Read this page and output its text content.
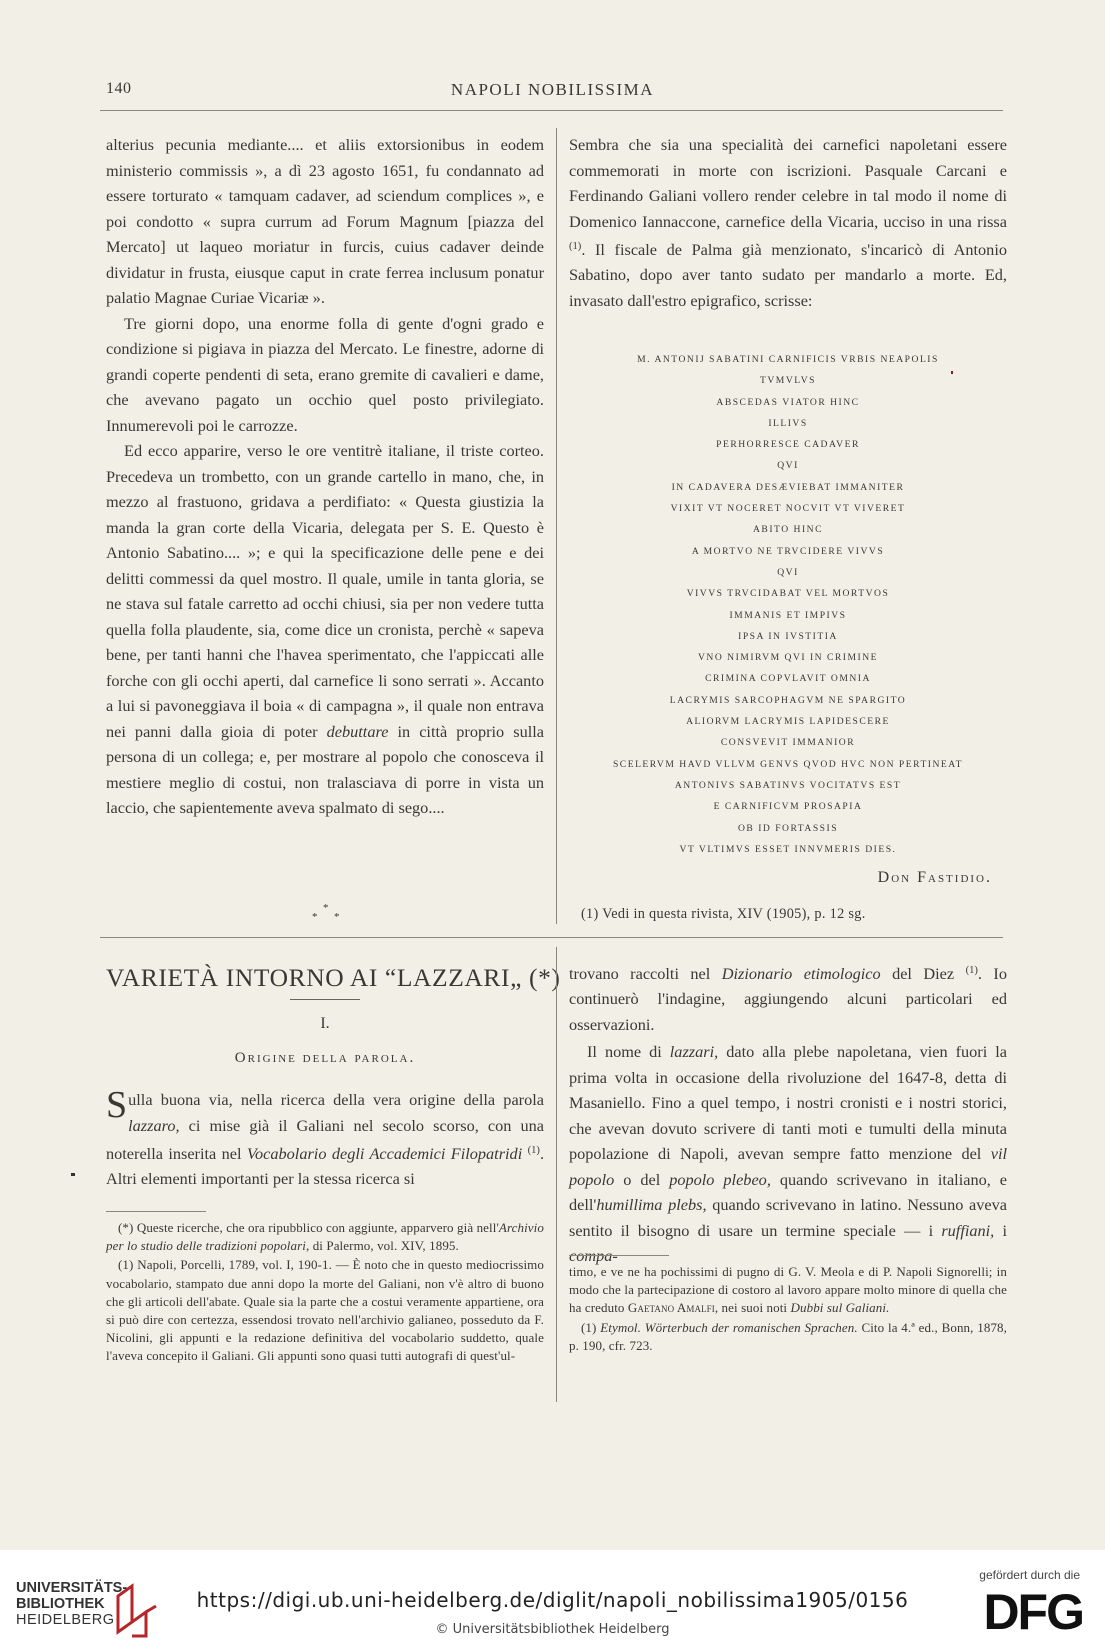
140	NAPOLI NOBILISSIMA

alterius pecunia mediante.... et aliis extorsionibus in eodem ministerio commissis », a dì 23 agosto 1651, fu condannato ad essere torturato « tamquam cadaver, ad sciendum complices », e poi condotto « supra currum ad Forum Magnum [piazza del Mercato] ut laqueo moriatur in furcis, cuius cadaver deinde dividatur in frusta, eiusque caput in crate ferrea inclusum ponatur palatio Magnae Curiae Vicariæ ».

Tre giorni dopo, una enorme folla di gente d'ogni grado e condizione si pigiava in piazza del Mercato. Le finestre, adorne di grandi coperte pendenti di seta, erano gremite di cavalieri e dame, che avevano pagato un occhio quel posto privilegiato. Innumerevoli poi le carrozze.

Ed ecco apparire, verso le ore ventitrè italiane, il triste corteo. Precedeva un trombetto, con un grande cartello in mano, che, in mezzo al frastuono, gridava a perdifiato: « Questa giustizia la manda la gran corte della Vicaria, delegata per S. E. Questo è Antonio Sabatino.... »; e qui la specificazione delle pene e dei delitti commessi da quel mostro. Il quale, umile in tanta gloria, se ne stava sul fatale carretto ad occhi chiusi, sia per non vedere tutta quella folla plaudente, sia, come dice un cronista, perchè « sapeva bene, per tanti hanni che l'havea sperimentato, che l'appiccati alle forche con gli occhi aperti, dal carnefice li sono serrati ». Accanto a lui si pavoneggiava il boia « di campagna », il quale non entrava nei panni dalla gioia di poter debuttare in città proprio sulla persona di un collega; e, per mostrare al popolo che conosceva il mestiere meglio di costui, non tralasciava di porre in vista un laccio, che sapientemente aveva spalmato di sego....

Sembra che sia una specialità dei carnefici napoletani essere commemorati in morte con iscrizioni. Pasquale Carcani e Ferdinando Galiani vollero render celebre in tal modo il nome di Domenico Iannaccone, carnefice della Vicaria, ucciso in una rissa $^{(1)}$. Il fiscale de Palma già menzionato, s'incaricò di Antonio Sabatino, dopo aver tanto sudato per mandarlo a morte. Ed, invasato dall'estro epigrafico, scrisse:

M. ANTONIJ SABATINI CARNIFICIS VRBIS NEAPOLIS
TVMVLVS
ABSCEDAS VIATOR HINC
ILLIVS
PERHORRESCE CADAVER
QVI
IN CADAVERA DESÆVIEBAT IMMANITER
VIXIT VT NOCERET NOCVIT VT VIVERET
ABITO HINC
A MORTVO NE TRVCIDERE VIVVS
QVI
VIVVS TRVCIDABAT VEL MORTVOS
IMMANIS ET IMPIVS
IPSA IN IVSTITIA
VNO NIMIRVM QVI IN CRIMINE
CRIMINA COPVLAVIT OMNIA
LACRYMIS SARCOPHAGVM NE SPARGITO
ALIORVM LACRYMIS LAPIDESCERE
CONSVEVIT IMMANIOR
SCELERVM HAVD VLLVM GENVS QVOD HVC NON PERTINEAT
ANTONIVS SABATINVS VOCITATVS EST
E CARNIFICVM PROSAPIA
OB ID FORTASSIS
VT VLTIMVS ESSET INNVMERIS DIES.
Don Fastidio.
*
* *	(1) Vedi in questa rivista, XIV (1905), p. 12 sg.
VARIETÀ INTORNO AI “LAZZARI„ (*)
I.
Origine della parola.

Sulla buona via, nella ricerca della vera origine della parola lazzaro, ci mise già il Galiani nel secolo scorso, con una noterella inserita nel Vocabolario degli Accademici Filopatridi $^{(1)}$. Altri elementi importanti per la stessa ricerca si

trovano raccolti nel Dizionario etimologico del Diez $^{(1)}$. Io continuerò l'indagine, aggiungendo alcuni particolari ed osservazioni.

Il nome di lazzari, dato alla plebe napoletana, vien fuori la prima volta in occasione della rivoluzione del 1647-8, detta di Masaniello. Fino a quel tempo, i nostri cronisti e i nostri storici, che avevan dovuto scrivere di tanti moti e tumulti della minuta popolazione di Napoli, avevan sempre fatto menzione del vil popolo o del popolo plebeo, quando scrivevano in italiano, e dell'humillima plebs, quando scrivevano in latino. Nessuno aveva sentito il bisogno di usare un termine speciale — i ruffiani, i compa-

(*) Queste ricerche, che ora ripubblico con aggiunte, apparvero già nell'Archivio per lo studio delle tradizioni popolari, di Palermo, vol. XIV, 1895.

(1) Napoli, Porcelli, 1789, vol. I, 190-1. — È noto che in questo mediocrissimo vocabolario, stampato due anni dopo la morte del Galiani, non v'è altro di buono che gli articoli dell'abate. Quale sia la parte che a costui veramente appartiene, ora si può dire con certezza, essendosi trovato nell'archivio galianeo, posseduto da F. Nicolini, gli appunti e la redazione definitiva del vocabolario suddetto, quale l'aveva concepito il Galiani. Gli appunti sono quasi tutti autografi di quest'ul-

timo, e ve ne ha pochissimi di pugno di G. V. Meola e di P. Napoli Signorelli; in modo che la partecipazione di costoro al lavoro appare molto minore di quella che ha creduto Gaetano Amalfi, nei suoi noti Dubbi sul Galiani.

(1) Etymol. Wörterbuch der romanischen Sprachen. Cito la 4.ª ed., Bonn, 1878, p. 190, cfr. 723.

UNIVERSITÄTS-
BIBLIOTHEK
HEIDELBERG
https://digi.ub.uni-heidelberg.de/diglit/napoli_nobilissima1905/0156
© Universitätsbibliothek Heidelberg
gefördert durch die
DFG
